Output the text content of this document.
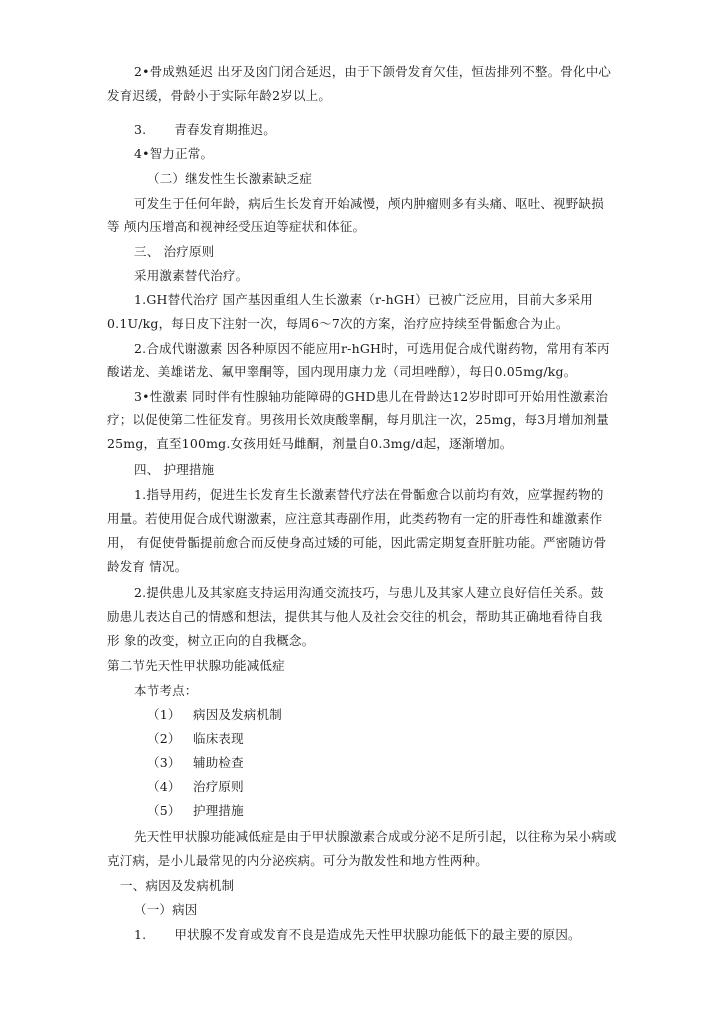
2•骨成熟延迟 出牙及囟门闭合延迟，由于下颌骨发育欠佳，恒齿排列不整。骨化中心
发育迟缓，骨龄小于实际年龄2岁以上。
3. 青春发育期推迟。
4•智力正常。
（二）继发性生长激素缺乏症
可发生于任何年龄，病后生长发育开始减慢，颅内肿瘤则多有头痛、呕吐、视野缺损
等 颅内压增高和视神经受压迫等症状和体征。
三、 治疗原则
采用激素替代治疗。
1.GH替代治疗 国产基因重组人生长激素（r-hGH）已被广泛应用，目前大多采用
0.1U/kg，每日皮下注射一次，每周6〜7次的方案，治疗应持续至骨骺愈合为止。
2.合成代谢激素 因各种原因不能应用r-hGH时，可选用促合成代谢药物，常用有苯丙
酸诺龙、美雄诺龙、氟甲睾酮等，国内现用康力龙（司坦唑醇），每日0.05mg/kg。
3•性激素 同时伴有性腺轴功能障碍的GHD患儿在骨龄达12岁时即可开始用性激素治
疗；以促使第二性征发育。男孩用长效庚酸睾酮，每月肌注一次，25mg，每3月增加剂量
25mg，直至100mg.女孩用妊马雌酮，剂量自0.3mg/d起，逐渐增加。
四、 护理措施
1.指导用药，促进生长发育生长激素替代疗法在骨骺愈合以前均有效，应掌握药物的
用量。若使用促合成代谢激素，应注意其毒副作用，此类药物有一定的肝毒性和雄激素作
用， 有促使骨骺提前愈合而反使身高过矮的可能，因此需定期复查肝脏功能。严密随访骨
龄发育 情况。
2.提供患儿及其家庭支持运用沟通交流技巧，与患儿及其家人建立良好信任关系。鼓
励患儿表达自己的情感和想法，提供其与他人及社会交往的机会，帮助其正确地看待自我
形 象的改变，树立正向的自我概念。
第二节先天性甲状腺功能减低症
本节考点：
（1） 病因及发病机制
（2） 临床表现
（3） 辅助检查
（4） 治疗原则
（5） 护理措施
先天性甲状腺功能减低症是由于甲状腺激素合成或分泌不足所引起，以往称为呆小病或
克汀病，是小儿最常见的内分泌疾病。可分为散发性和地方性两种。
一、病因及发病机制
（一）病因
1. 甲状腺不发育或发育不良是造成先天性甲状腺功能低下的最主要的原因。
